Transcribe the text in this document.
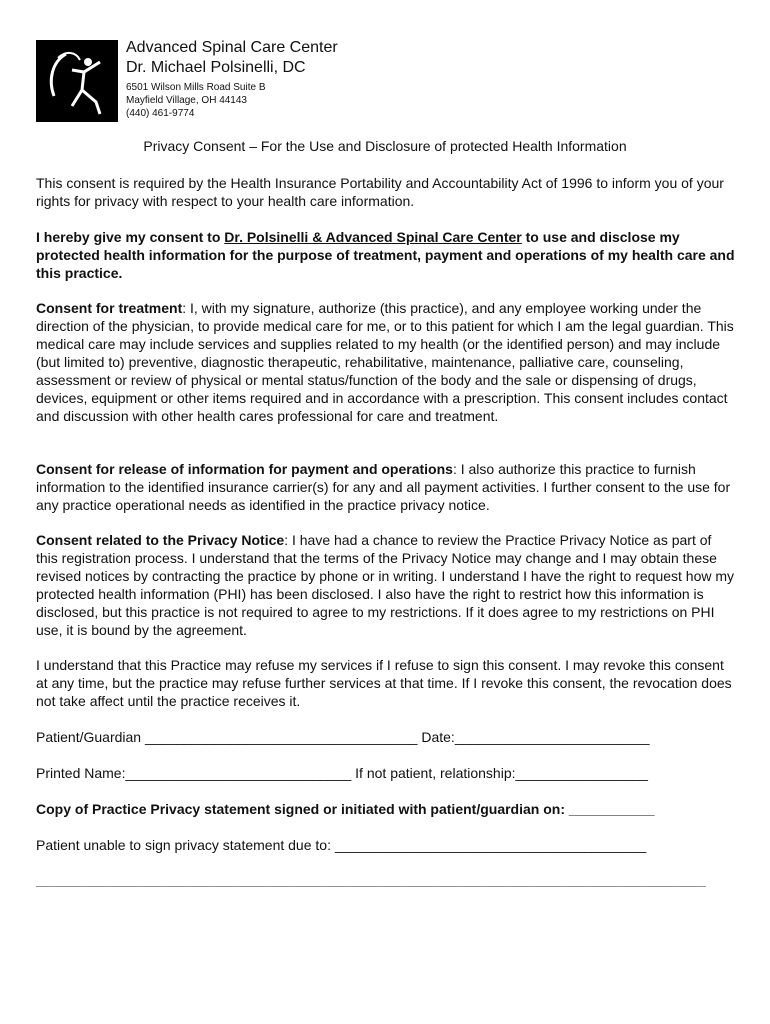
Advanced Spinal Care Center
Dr. Michael Polsinelli, DC
6501 Wilson Mills Road Suite B
Mayfield Village, OH 44143
(440) 461-9774
Privacy Consent – For the Use and Disclosure of protected Health Information

This consent is required by the Health Insurance Portability and Accountability Act of 1996 to inform you of your rights for privacy with respect to your health care information.

I hereby give my consent to Dr. Polsinelli & Advanced Spinal Care Center to use and disclose my protected health information for the purpose of treatment, payment and operations of my health care and this practice.
Consent for treatment: I, with my signature, authorize (this practice), and any employee working under the direction of the physician, to provide medical care for me, or to this patient for which I am the legal guardian. This medical care may include services and supplies related to my health (or the identified person) and may include (but limited to) preventive, diagnostic therapeutic, rehabilitative, maintenance, palliative care, counseling, assessment or review of physical or mental status/function of the body and the sale or dispensing of drugs, devices, equipment or other items required and in accordance with a prescription. This consent includes contact and discussion with other health cares professional for care and treatment.
Consent for release of information for payment and operations: I also authorize this practice to furnish information to the identified insurance carrier(s) for any and all payment activities. I further consent to the use for any practice operational needs as identified in the practice privacy notice.
Consent related to the Privacy Notice: I have had a chance to review the Practice Privacy Notice as part of this registration process. I understand that the terms of the Privacy Notice may change and I may obtain these revised notices by contracting the practice by phone or in writing. I understand I have the right to request how my protected health information (PHI) has been disclosed. I also have the right to restrict how this information is disclosed, but this practice is not required to agree to my restrictions. If it does agree to my restrictions on PHI use, it is bound by the agreement.

I understand that this Practice may refuse my services if I refuse to sign this consent. I may revoke this consent at any time, but the practice may refuse further services at that time. If I revoke this consent, the revocation does not take affect until the practice receives it.

Patient/Guardian ___________________________________ Date:_________________________
Printed Name:_____________________________ If not patient, relationship:_________________
Copy of Practice Privacy statement signed or initiated with patient/guardian on: ___________
Patient unable to sign privacy statement due to: ________________________________________
______________________________________________________________________________________
